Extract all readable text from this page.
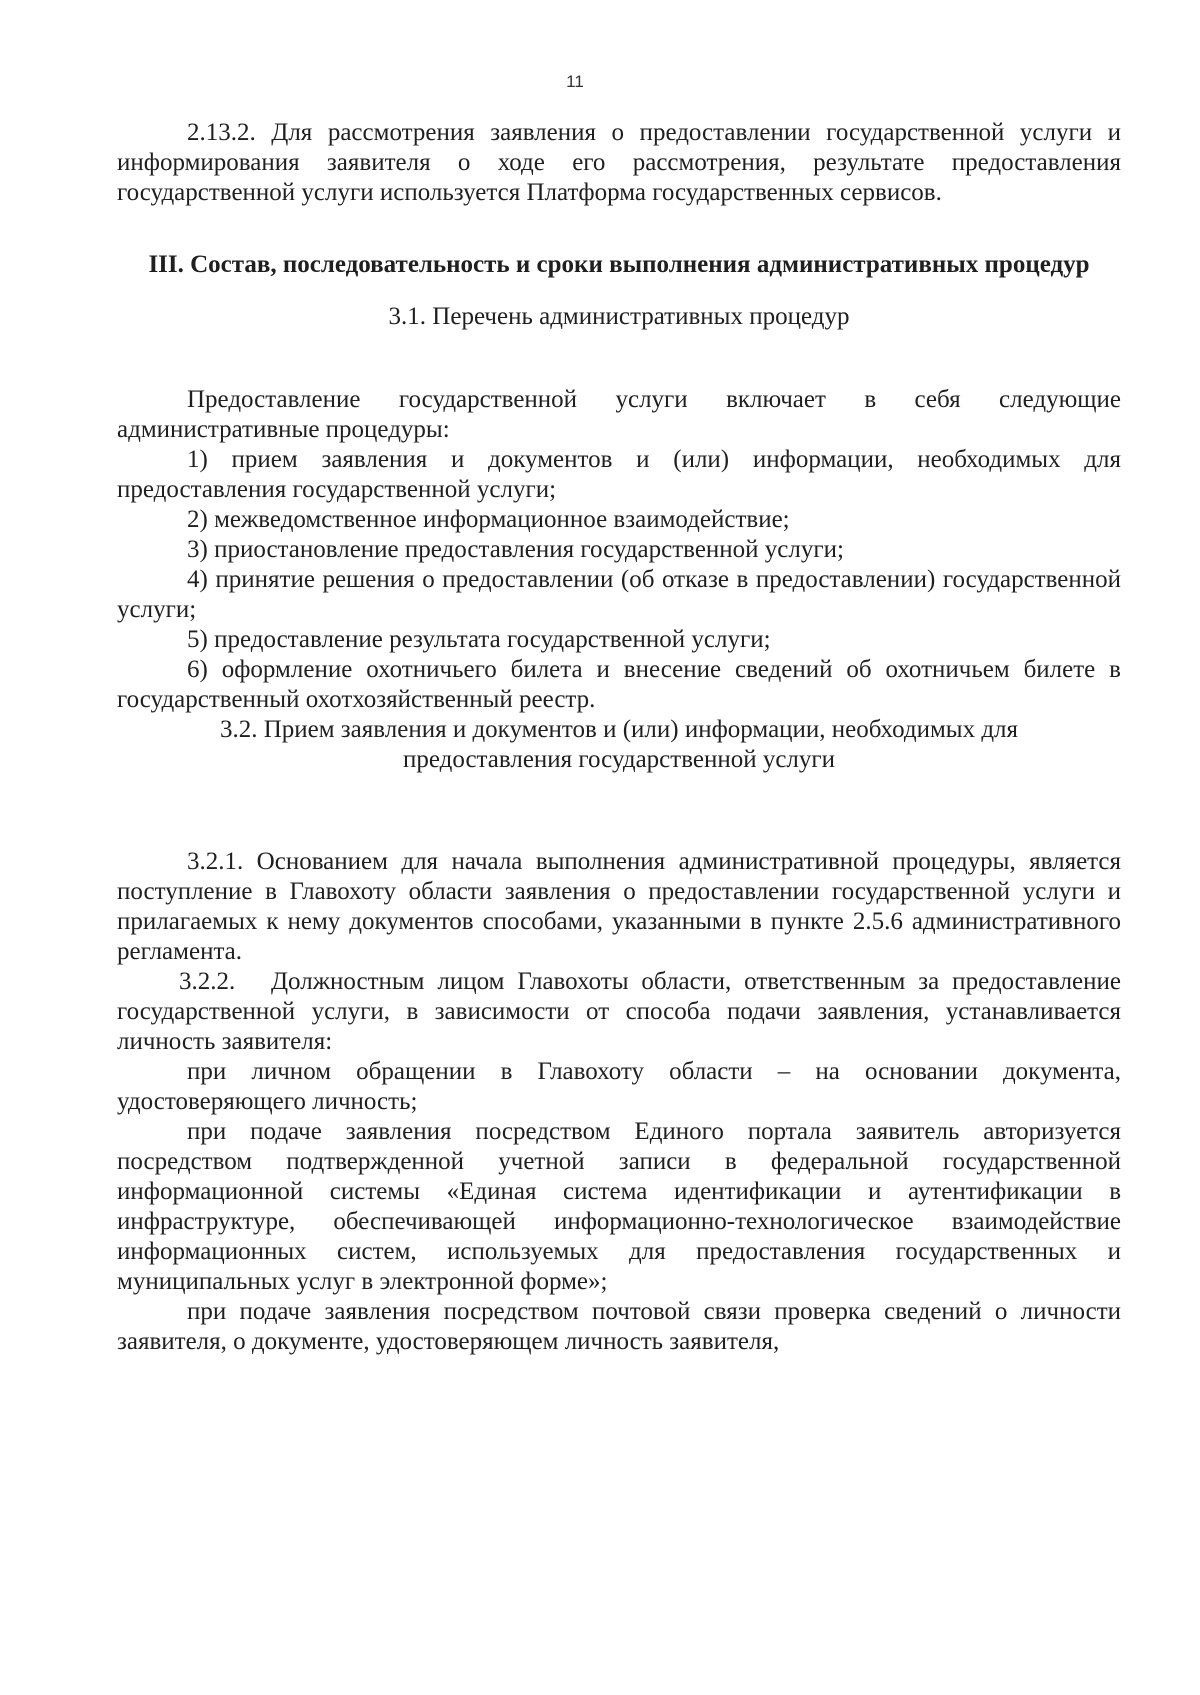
11

2.13.2. Для рассмотрения заявления о предоставлении государственной услуги и информирования заявителя о ходе его рассмотрения, результате предоставления государственной услуги используется Платформа государственных сервисов.

III. Состав, последовательность и сроки выполнения административных процедур

3.1. Перечень административных процедур

Предоставление государственной услуги включает в себя следующие административные процедуры:

1) прием заявления и документов и (или) информации, необходимых для предоставления государственной услуги;

2) межведомственное информационное взаимодействие;

3) приостановление предоставления государственной услуги;

4) принятие решения о предоставлении (об отказе в предоставлении) государственной услуги;

5) предоставление результата государственной услуги;

6) оформление охотничьего билета и внесение сведений об охотничьем билете в государственный охотхозяйственный реестр.

3.2. Прием заявления и документов и (или) информации, необходимых для предоставления государственной услуги

3.2.1. Основанием для начала выполнения административной процедуры, является поступление в Главохоту области заявления о предоставлении государственной услуги и прилагаемых к нему документов способами, указанными в пункте 2.5.6 административного регламента.

3.2.2. Должностным лицом Главохоты области, ответственным за предоставление государственной услуги, в зависимости от способа подачи заявления, устанавливается личность заявителя:

при личном обращении в Главохоту области – на основании документа, удостоверяющего личность;

при подаче заявления посредством Единого портала заявитель авторизуется посредством подтвержденной учетной записи в федеральной государственной информационной системы «Единая система идентификации и аутентификации в инфраструктуре, обеспечивающей информационно-технологическое взаимодействие информационных систем, используемых для предоставления государственных и муниципальных услуг в электронной форме»;

при подаче заявления посредством почтовой связи проверка сведений о личности заявителя, о документе, удостоверяющем личность заявителя,
